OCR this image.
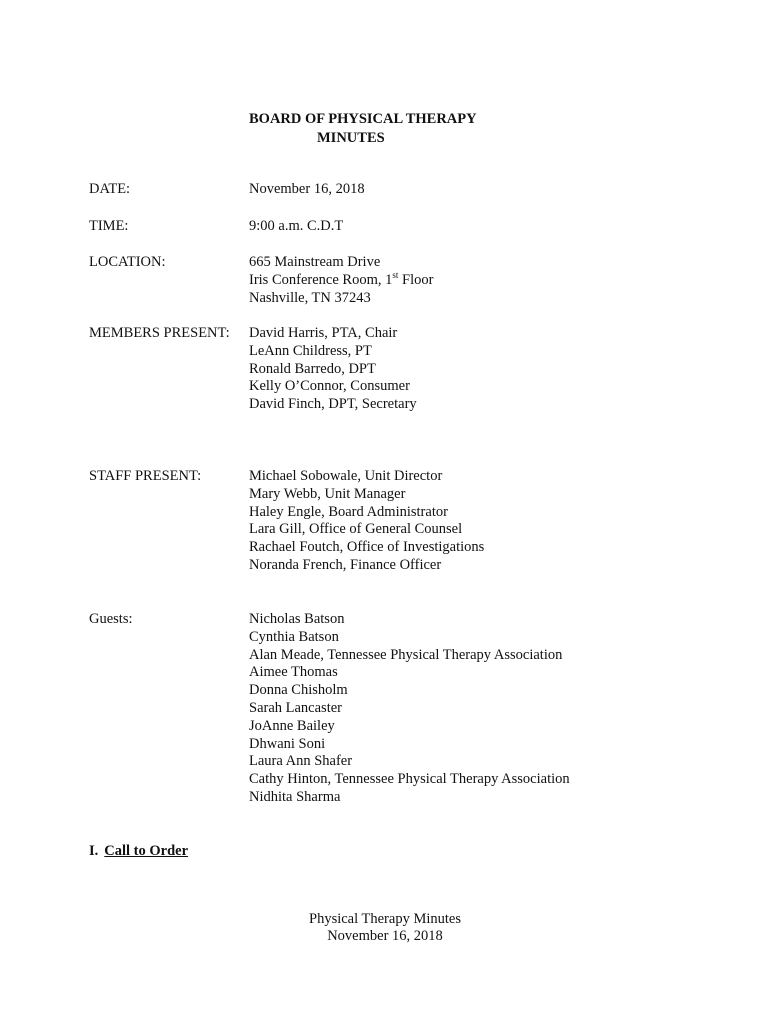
BOARD OF PHYSICAL THERAPY
MINUTES
DATE:	November 16, 2018
TIME:	9:00 a.m. C.D.T
LOCATION:	665 Mainstream Drive
Iris Conference Room, 1st Floor
Nashville, TN 37243
MEMBERS PRESENT: David Harris, PTA, Chair
LeAnn Childress, PT
Ronald Barredo, DPT
Kelly O’Connor, Consumer
David Finch, DPT, Secretary
STAFF PRESENT:	Michael Sobowale, Unit Director
Mary Webb, Unit Manager
Haley Engle, Board Administrator
Lara Gill, Office of General Counsel
Rachael Foutch, Office of Investigations
Noranda French, Finance Officer
Guests:	Nicholas Batson
Cynthia Batson
Alan Meade, Tennessee Physical Therapy Association
Aimee Thomas
Donna Chisholm
Sarah Lancaster
JoAnne Bailey
Dhwani Soni
Laura Ann Shafer
Cathy Hinton, Tennessee Physical Therapy Association
Nidhita Sharma
I. Call to Order
Physical Therapy Minutes
November 16, 2018
